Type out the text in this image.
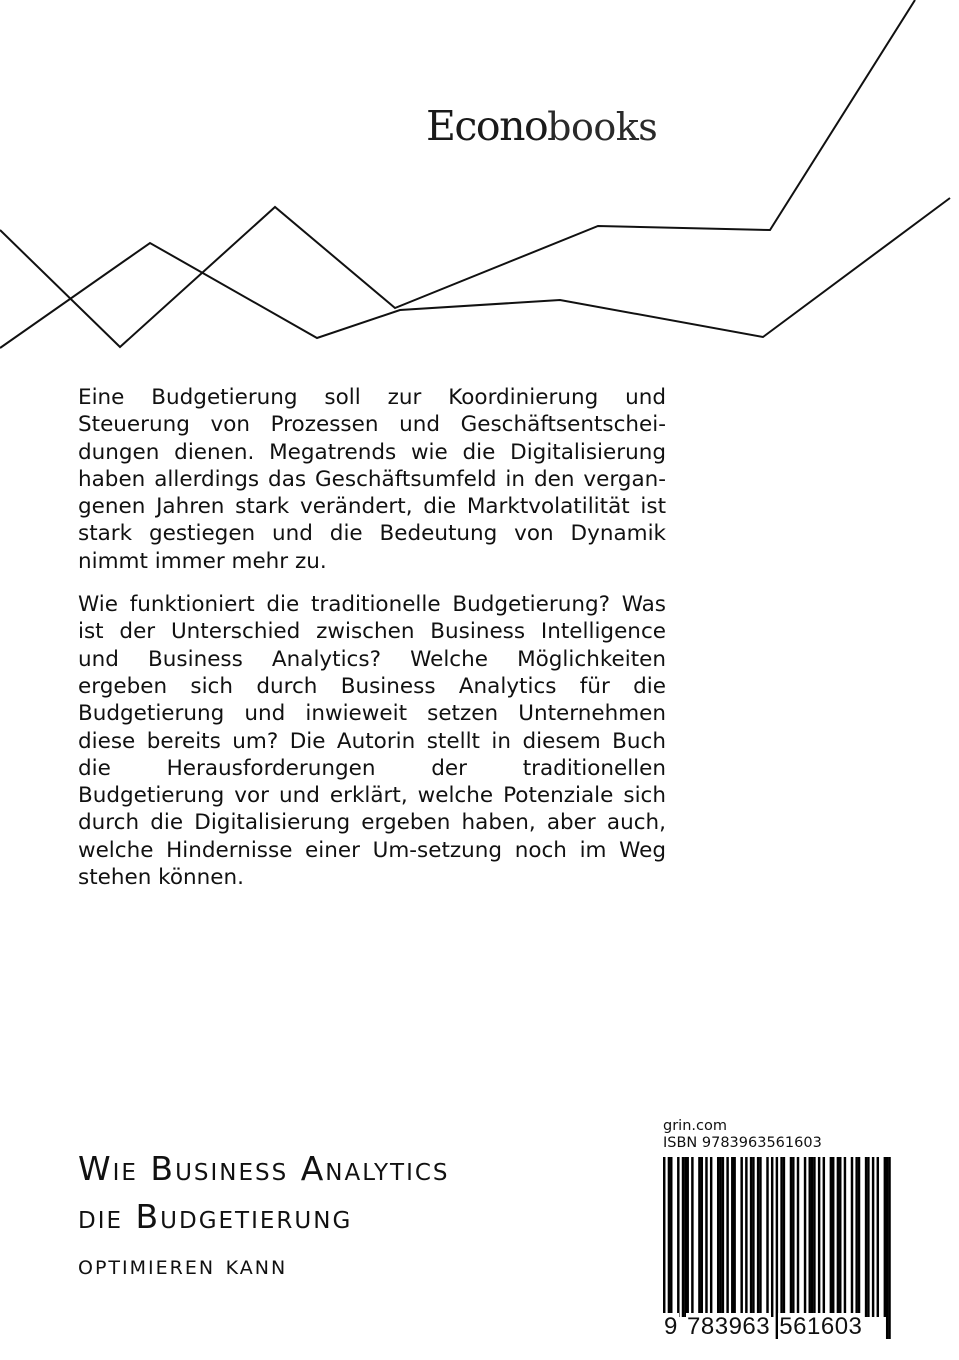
Econobooks

Eine Budgetierung soll zur Koordinierung und Steuerung von Prozessen und Geschäftsentschei-dungen dienen. Megatrends wie die Digitalisierung haben allerdings das Geschäftsumfeld in den vergan-genen Jahren stark verändert, die Marktvolatilität ist stark gestiegen und die Bedeutung von Dynamik nimmt immer mehr zu.

Wie funktioniert die traditionelle Budgetierung? Was ist der Unterschied zwischen Business Intelligence und Business Analytics? Welche Möglichkeiten ergeben sich durch Business Analytics für die Budgetierung und inwieweit setzen Unternehmen diese bereits um? Die Autorin stellt in diesem Buch die Herausforderungen der traditionellen Budgetierung vor und erklärt, welche Potenziale sich durch die Digitalisierung ergeben haben, aber auch, welche Hindernisse einer Um-setzung noch im Weg stehen können.

Wie Business Analytics
die Budgetierung
optimieren kann
grin.com
ISBN 9783963561603
9 783963 561603
